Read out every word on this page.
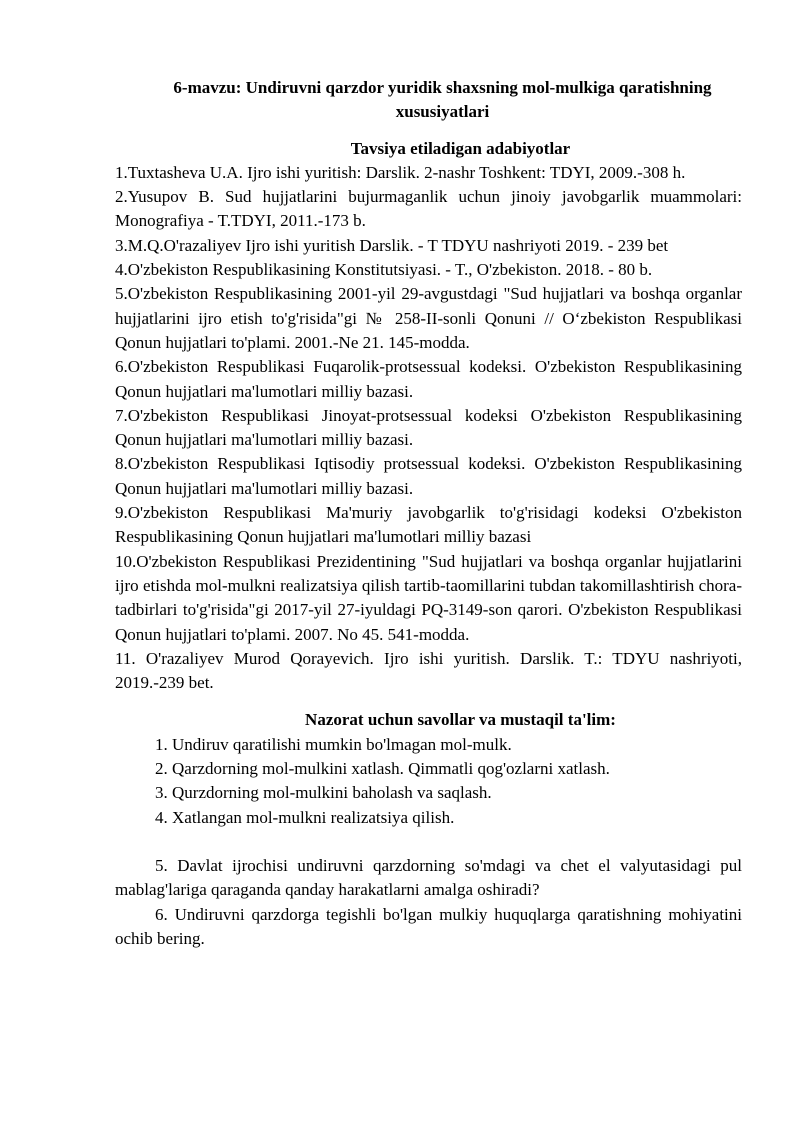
6-mavzu: Undiruvni qarzdor yuridik shaxsning mol-mulkiga qaratishning xususiyatlari

Tavsiya etiladigan adabiyotlar

1.Tuxtasheva U.A. Ijro ishi yuritish: Darslik. 2-nashr Toshkent: TDYI, 2009.-308 h.

2.Yusupov B. Sud hujjatlarini bujurmaganlik uchun jinoiy javobgarlik muammolari: Monografiya - T.TDYI, 2011.-173 b.

3.M.Q.O'razaliyev Ijro ishi yuritish Darslik. - T TDYU nashriyoti 2019. - 239 bet

4.O'zbekiston Respublikasining Konstitutsiyasi. - T., O'zbekiston. 2018. - 80 b.

5.O'zbekiston Respublikasining 2001-yil 29-avgustdagi "Sud hujjatlari va boshqa organlar hujjatlarini ijro etish to'g'risida"gi № 258-II-sonli Qonuni // O‘zbekiston Respublikasi Qonun hujjatlari to'plami. 2001.-Ne 21. 145-modda.

6.O'zbekiston Respublikasi Fuqarolik-protsessual kodeksi. O'zbekiston Respublikasining Qonun hujjatlari ma'lumotlari milliy bazasi.

7.O'zbekiston Respublikasi Jinoyat-protsessual kodeksi O'zbekiston Respublikasining Qonun hujjatlari ma'lumotlari milliy bazasi.

8.O'zbekiston Respublikasi Iqtisodiy protsessual kodeksi. O'zbekiston Respublikasining Qonun hujjatlari ma'lumotlari milliy bazasi.

9.O'zbekiston Respublikasi Ma'muriy javobgarlik to'g'risidagi kodeksi O'zbekiston Respublikasining Qonun hujjatlari ma'lumotlari milliy bazasi

10.O'zbekiston Respublikasi Prezidentining "Sud hujjatlari va boshqa organlar hujjatlarini ijro etishda mol-mulkni realizatsiya qilish tartib-taomillarini tubdan takomillashtirish chora-tadbirlari to'g'risida"gi 2017-yil 27-iyuldagi PQ-3149-son qarori. O'zbekiston Respublikasi Qonun hujjatlari to'plami. 2007. No 45. 541-modda.

11. O'razaliyev Murod Qorayevich. Ijro ishi yuritish. Darslik. T.: TDYU nashriyoti, 2019.-239 bet.

Nazorat uchun savollar va mustaqil ta'lim:

1. Undiruv qaratilishi mumkin bo'lmagan mol-mulk.

2. Qarzdorning mol-mulkini xatlash. Qimmatli qog'ozlarni xatlash.

3. Qurzdorning mol-mulkini baholash va saqlash.

4. Xatlangan mol-mulkni realizatsiya qilish.

5. Davlat ijrochisi undiruvni qarzdorning so'mdagi va chet el valyutasidagi pul mablag'lariga qaraganda qanday harakatlarni amalga oshiradi?

6. Undiruvni qarzdorga tegishli bo'lgan mulkiy huquqlarga qaratishning mohiyatini ochib bering.
